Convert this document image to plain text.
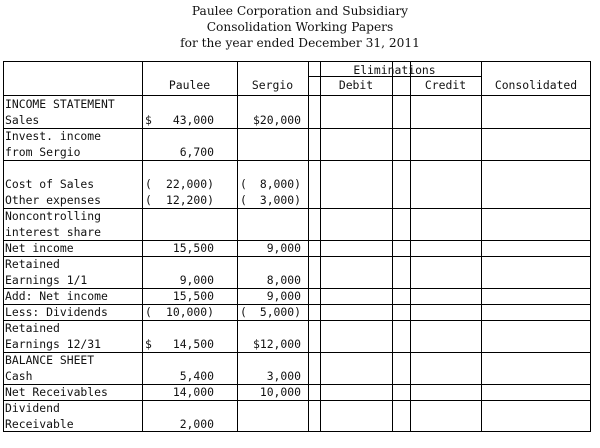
Paulee Corporation and Subsidiary
Consolidation Working Papers
for the year ended December 31, 2011
Paulee	Sergio
Eliminations
Debit	Credit	Consolidated
INCOME STATEMENT
Sales	$	43,000	$20,000
Invest. income
from Sergio	6,700
Cost of Sales	(	22,000) (	8,000)
Other expenses	(	12,200) (	3,000)
Noncontrolling
interest share
Net income	15,500	9,000
Retained
Earnings 1/1	9,000	8,000
Add: Net income	15,500	9,000
Less: Dividends	(	10,000) (	5,000)
Retained
Earnings 12/31	$	14,500	$12,000
BALANCE SHEET
Cash	5,400	3,000
Net Receivables	14,000	10,000
Dividend
Receivable	2,000
